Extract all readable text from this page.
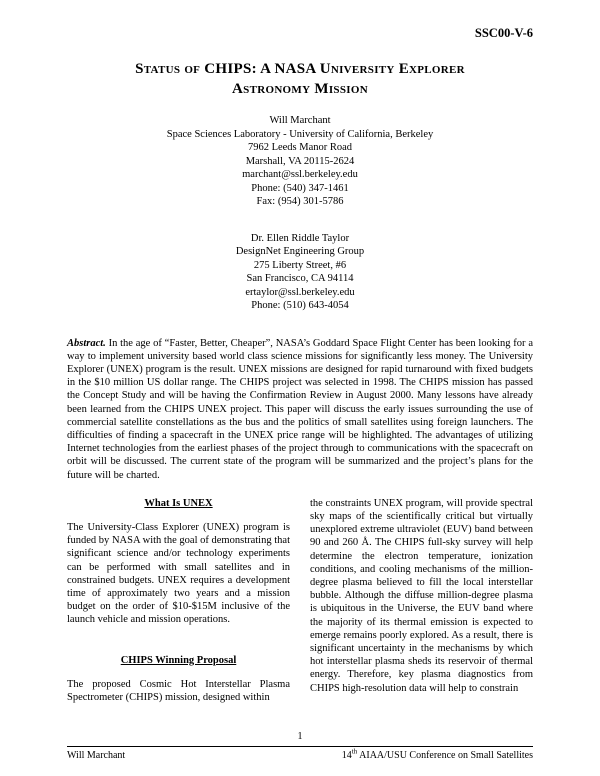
SSC00-V-6
Status of CHIPS: A NASA University Explorer
Astronomy Mission
Will Marchant
Space Sciences Laboratory - University of California, Berkeley
7962 Leeds Manor Road
Marshall, VA 20115-2624
marchant@ssl.berkeley.edu
Phone: (540) 347-1461
Fax: (954) 301-5786
Dr. Ellen Riddle Taylor
DesignNet Engineering Group
275 Liberty Street, #6
San Francisco, CA 94114
ertaylor@ssl.berkeley.edu
Phone: (510) 643-4054

Abstract. In the age of “Faster, Better, Cheaper”, NASA’s Goddard Space Flight Center has been looking for a way to implement university based world class science missions for significantly less money. The University Explorer (UNEX) program is the result. UNEX missions are designed for rapid turnaround with fixed budgets in the $10 million US dollar range. The CHIPS project was selected in 1998. The CHIPS mission has passed the Concept Study and will be having the Confirmation Review in August 2000. Many lessons have already been learned from the CHIPS UNEX project. This paper will discuss the early issues surrounding the use of commercial satellite constellations as the bus and the politics of small satellites using foreign launchers. The difficulties of finding a spacecraft in the UNEX price range will be highlighted. The advantages of utilizing Internet technologies from the earliest phases of the project through to communications with the spacecraft on orbit will be discussed. The current state of the program will be summarized and the project’s plans for the future will be charted.

What Is UNEX

The University-Class Explorer (UNEX) program is funded by NASA with the goal of demonstrating that significant science and/or technology experiments can be performed with small satellites and in constrained budgets. UNEX requires a development time of approximately two years and a mission budget on the order of $10-$15M inclusive of the launch vehicle and mission operations.

CHIPS Winning Proposal

The proposed Cosmic Hot Interstellar Plasma Spectrometer (CHIPS) mission, designed within

the constraints UNEX program, will provide spectral sky maps of the scientifically critical but virtually unexplored extreme ultraviolet (EUV) band between 90 and 260 Å. The CHIPS full-sky survey will help determine the electron temperature, ionization conditions, and cooling mechanisms of the million-degree plasma believed to fill the local interstellar bubble. Although the diffuse million-degree plasma is ubiquitous in the Universe, the EUV band where the majority of its thermal emission is expected to emerge remains poorly explored. As a result, there is significant uncertainty in the mechanisms by which hot interstellar plasma sheds its reservoir of thermal energy. Therefore, key plasma diagnostics from CHIPS high-resolution data will help to constrain

1
Will Marchant	14th AIAA/USU Conference on Small Satellites
